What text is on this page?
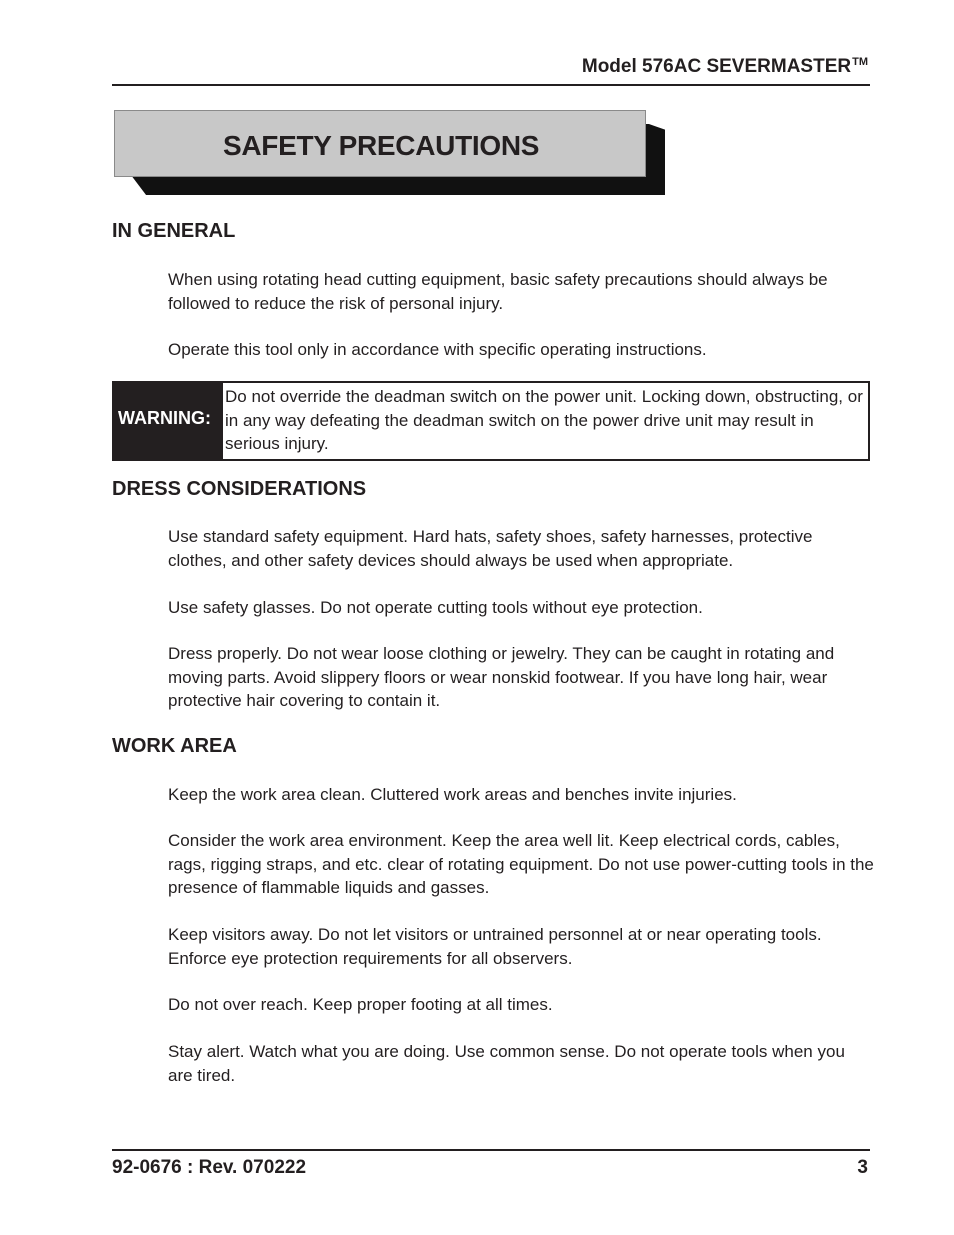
Model 576AC SEVERMASTER™
SAFETY PRECAUTIONS
IN GENERAL

When using rotating head cutting equipment, basic safety precautions should always be followed to reduce the risk of personal injury.

Operate this tool only in accordance with specific operating instructions.

WARNING:

Do not override the deadman switch on the power unit. Locking down, obstructing, or in any way defeating the deadman switch on the power drive unit may result in serious injury.

DRESS CONSIDERATIONS

Use standard safety equipment. Hard hats, safety shoes, safety harnesses, protective clothes, and other safety devices should always be used when appropriate.

Use safety glasses. Do not operate cutting tools without eye protection.

Dress properly. Do not wear loose clothing or jewelry. They can be caught in rotating and moving parts. Avoid slippery floors or wear nonskid footwear. If you have long hair, wear protective hair covering to contain it.

WORK AREA

Keep the work area clean. Cluttered work areas and benches invite injuries.

Consider the work area environment. Keep the area well lit. Keep electrical cords, cables, rags, rigging straps, and etc. clear of rotating equipment. Do not use power-cutting tools in the presence of flammable liquids and gasses.

Keep visitors away. Do not let visitors or untrained personnel at or near operating tools. Enforce eye protection requirements for all observers.

Do not over reach. Keep proper footing at all times.

Stay alert. Watch what you are doing. Use common sense. Do not operate tools when you are tired.

92-0676 : Rev. 070222	3
